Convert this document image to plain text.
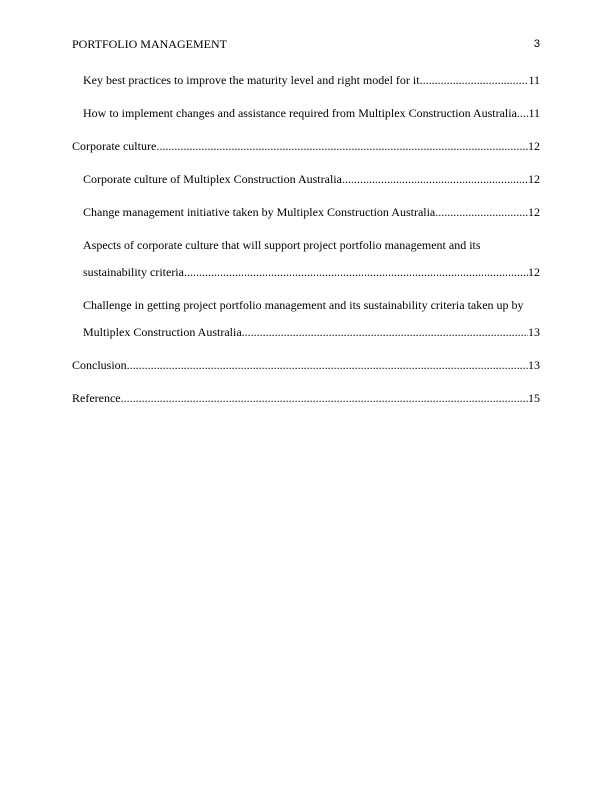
PORTFOLIO MANAGEMENT	3
Key best practices to improve the maturity level and right model for it .....	11
How to implement changes and assistance required from Multiplex Construction Australia ..... 11
Corporate culture .....	12
Corporate culture of Multiplex Construction Australia .....	12
Change management initiative taken by Multiplex Construction Australia .....	12
Aspects of corporate culture that will support project portfolio management and its
sustainability criteria .....	12
Challenge in getting project portfolio management and its sustainability criteria taken up by
Multiplex Construction Australia .....	13
Conclusion .....	13
Reference .....	15
